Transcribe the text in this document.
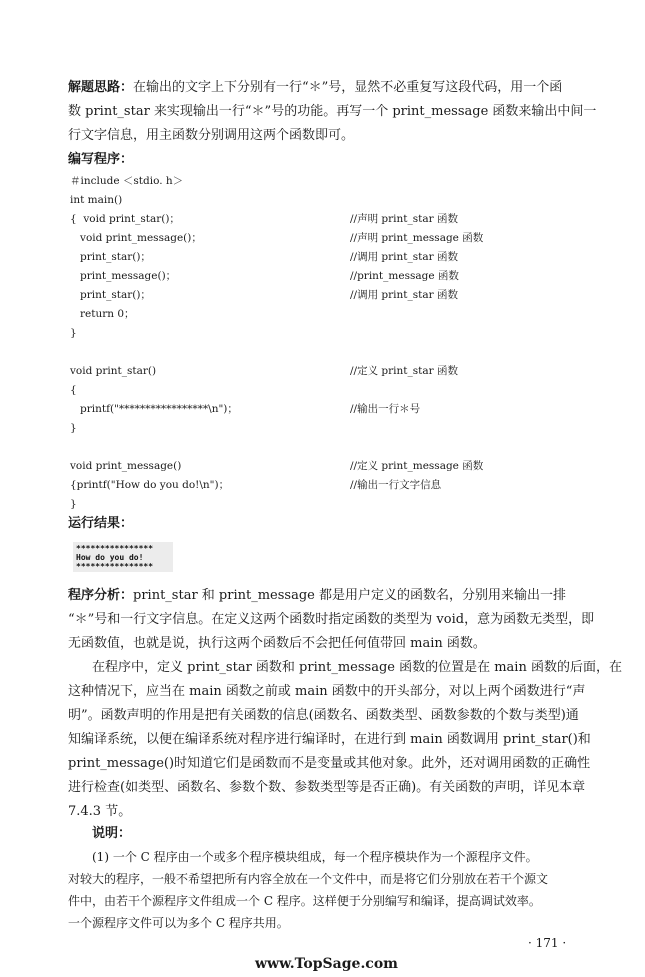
解题思路：在输出的文字上下分别有一行“＊”号，显然不必重复写这段代码，用一个函
数 print_star 来实现输出一行“＊”号的功能。再写一个 print_message 函数来输出中间一
行文字信息，用主函数分别调用这两个函数即可。
编写程序：
＃include ＜stdio. h＞
int main()
{  void print_star()；	//声明 print_star 函数
void print_message()；	//声明 print_message 函数
print_star()；	//调用 print_star 函数
print_message()；	//print_message 函数
print_star()；	//调用 print_star 函数
return 0；
}
void print_star()	//定义 print_star 函数
{
printf("*****************\n")；	//输出一行＊号
}
void print_message()	//定义 print_message 函数
{printf("How do you do!\n")；	//输出一行文字信息
}
运行结果：
****************
How do you do!
****************
程序分析：print_star 和 print_message 都是用户定义的函数名，分别用来输出一排
“＊”号和一行文字信息。在定义这两个函数时指定函数的类型为 void，意为函数无类型，即
无函数值，也就是说，执行这两个函数后不会把任何值带回 main 函数。
在程序中，定义 print_star 函数和 print_message 函数的位置是在 main 函数的后面，在
这种情况下，应当在 main 函数之前或 main 函数中的开头部分，对以上两个函数进行“声
明”。函数声明的作用是把有关函数的信息(函数名、函数类型、函数参数的个数与类型)通
知编译系统，以便在编译系统对程序进行编译时，在进行到 main 函数调用 print_star()和
print_message()时知道它们是函数而不是变量或其他对象。此外，还对调用函数的正确性
进行检查(如类型、函数名、参数个数、参数类型等是否正确)。有关函数的声明，详见本章
7.4.3 节。
说明：
(1) 一个 C 程序由一个或多个程序模块组成，每一个程序模块作为一个源程序文件。
对较大的程序，一般不希望把所有内容全放在一个文件中，而是将它们分别放在若干个源文
件中，由若干个源程序文件组成一个 C 程序。这样便于分别编写和编译，提高调试效率。
一个源程序文件可以为多个 C 程序共用。
· 171 ·
www.TopSage.com
